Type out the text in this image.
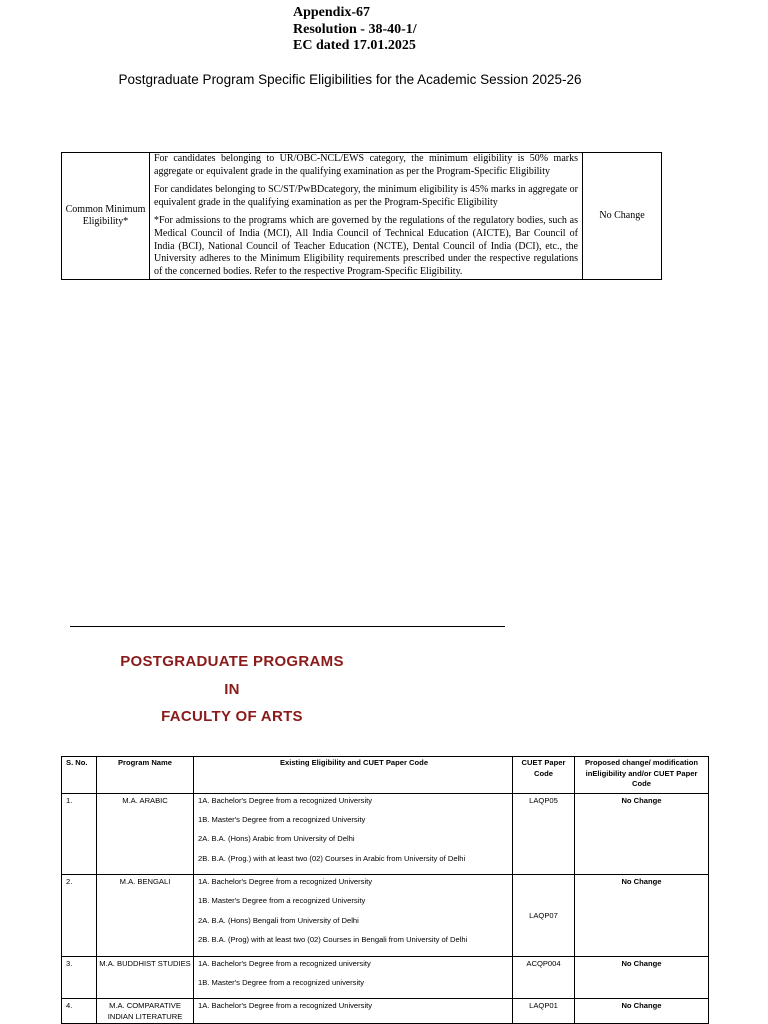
Appendix-67
Resolution - 38-40-1/
EC dated 17.01.2025
Postgraduate Program Specific Eligibilities for the Academic Session 2025-26
Common Minimum Eligibility*	

For candidates belonging to UR/OBC-NCL/EWS category, the minimum eligibility is 50% marks aggregate or equivalent grade in the qualifying examination as per the Program-Specific Eligibility

For candidates belonging to SC/ST/PwBDcategory, the minimum eligibility is 45% marks in aggregate or equivalent grade in the qualifying examination as per the Program-Specific Eligibility

*For admissions to the programs which are governed by the regulations of the regulatory bodies, such as Medical Council of India (MCI), All India Council of Technical Education (AICTE), Bar Council of India (BCI), National Council of Teacher Education (NCTE), Dental Council of India (DCI), etc., the University adheres to the Minimum Eligibility requirements prescribed under the respective regulations of the concerned bodies. Refer to the respective Program-Specific Eligibility.

	No Change
POSTGRADUATE PROGRAMS
IN
FACULTY OF ARTS
S. No.	Program Name	Existing Eligibility and CUET Paper Code	CUET Paper Code	Proposed change/ modification inEligibility and/or CUET Paper Code
1.	M.A. ARABIC	1A. Bachelor's Degree from a recognized University
1B. Master's Degree from a recognized University
2A. B.A. (Hons) Arabic from University of Delhi
2B. B.A. (Prog.) with at least two (02) Courses in Arabic from University of Delhi	LAQP05	No Change
2.	M.A. BENGALI	1A. Bachelor's Degree from a recognized University
1B. Master's Degree from a recognized University
2A. B.A. (Hons) Bengali from University of Delhi
2B. B.A. (Prog) with at least two (02) Courses in Bengali from University of Delhi	LAQP07	No Change
3.	M.A. BUDDHIST STUDIES	1A. Bachelor's Degree from a recognized university
1B. Master's Degree from a recognized university	ACQP004	No Change
4.	M.A. COMPARATIVE INDIAN LITERATURE	1A. Bachelor's Degree from a recognized University	LAQP01	No Change
